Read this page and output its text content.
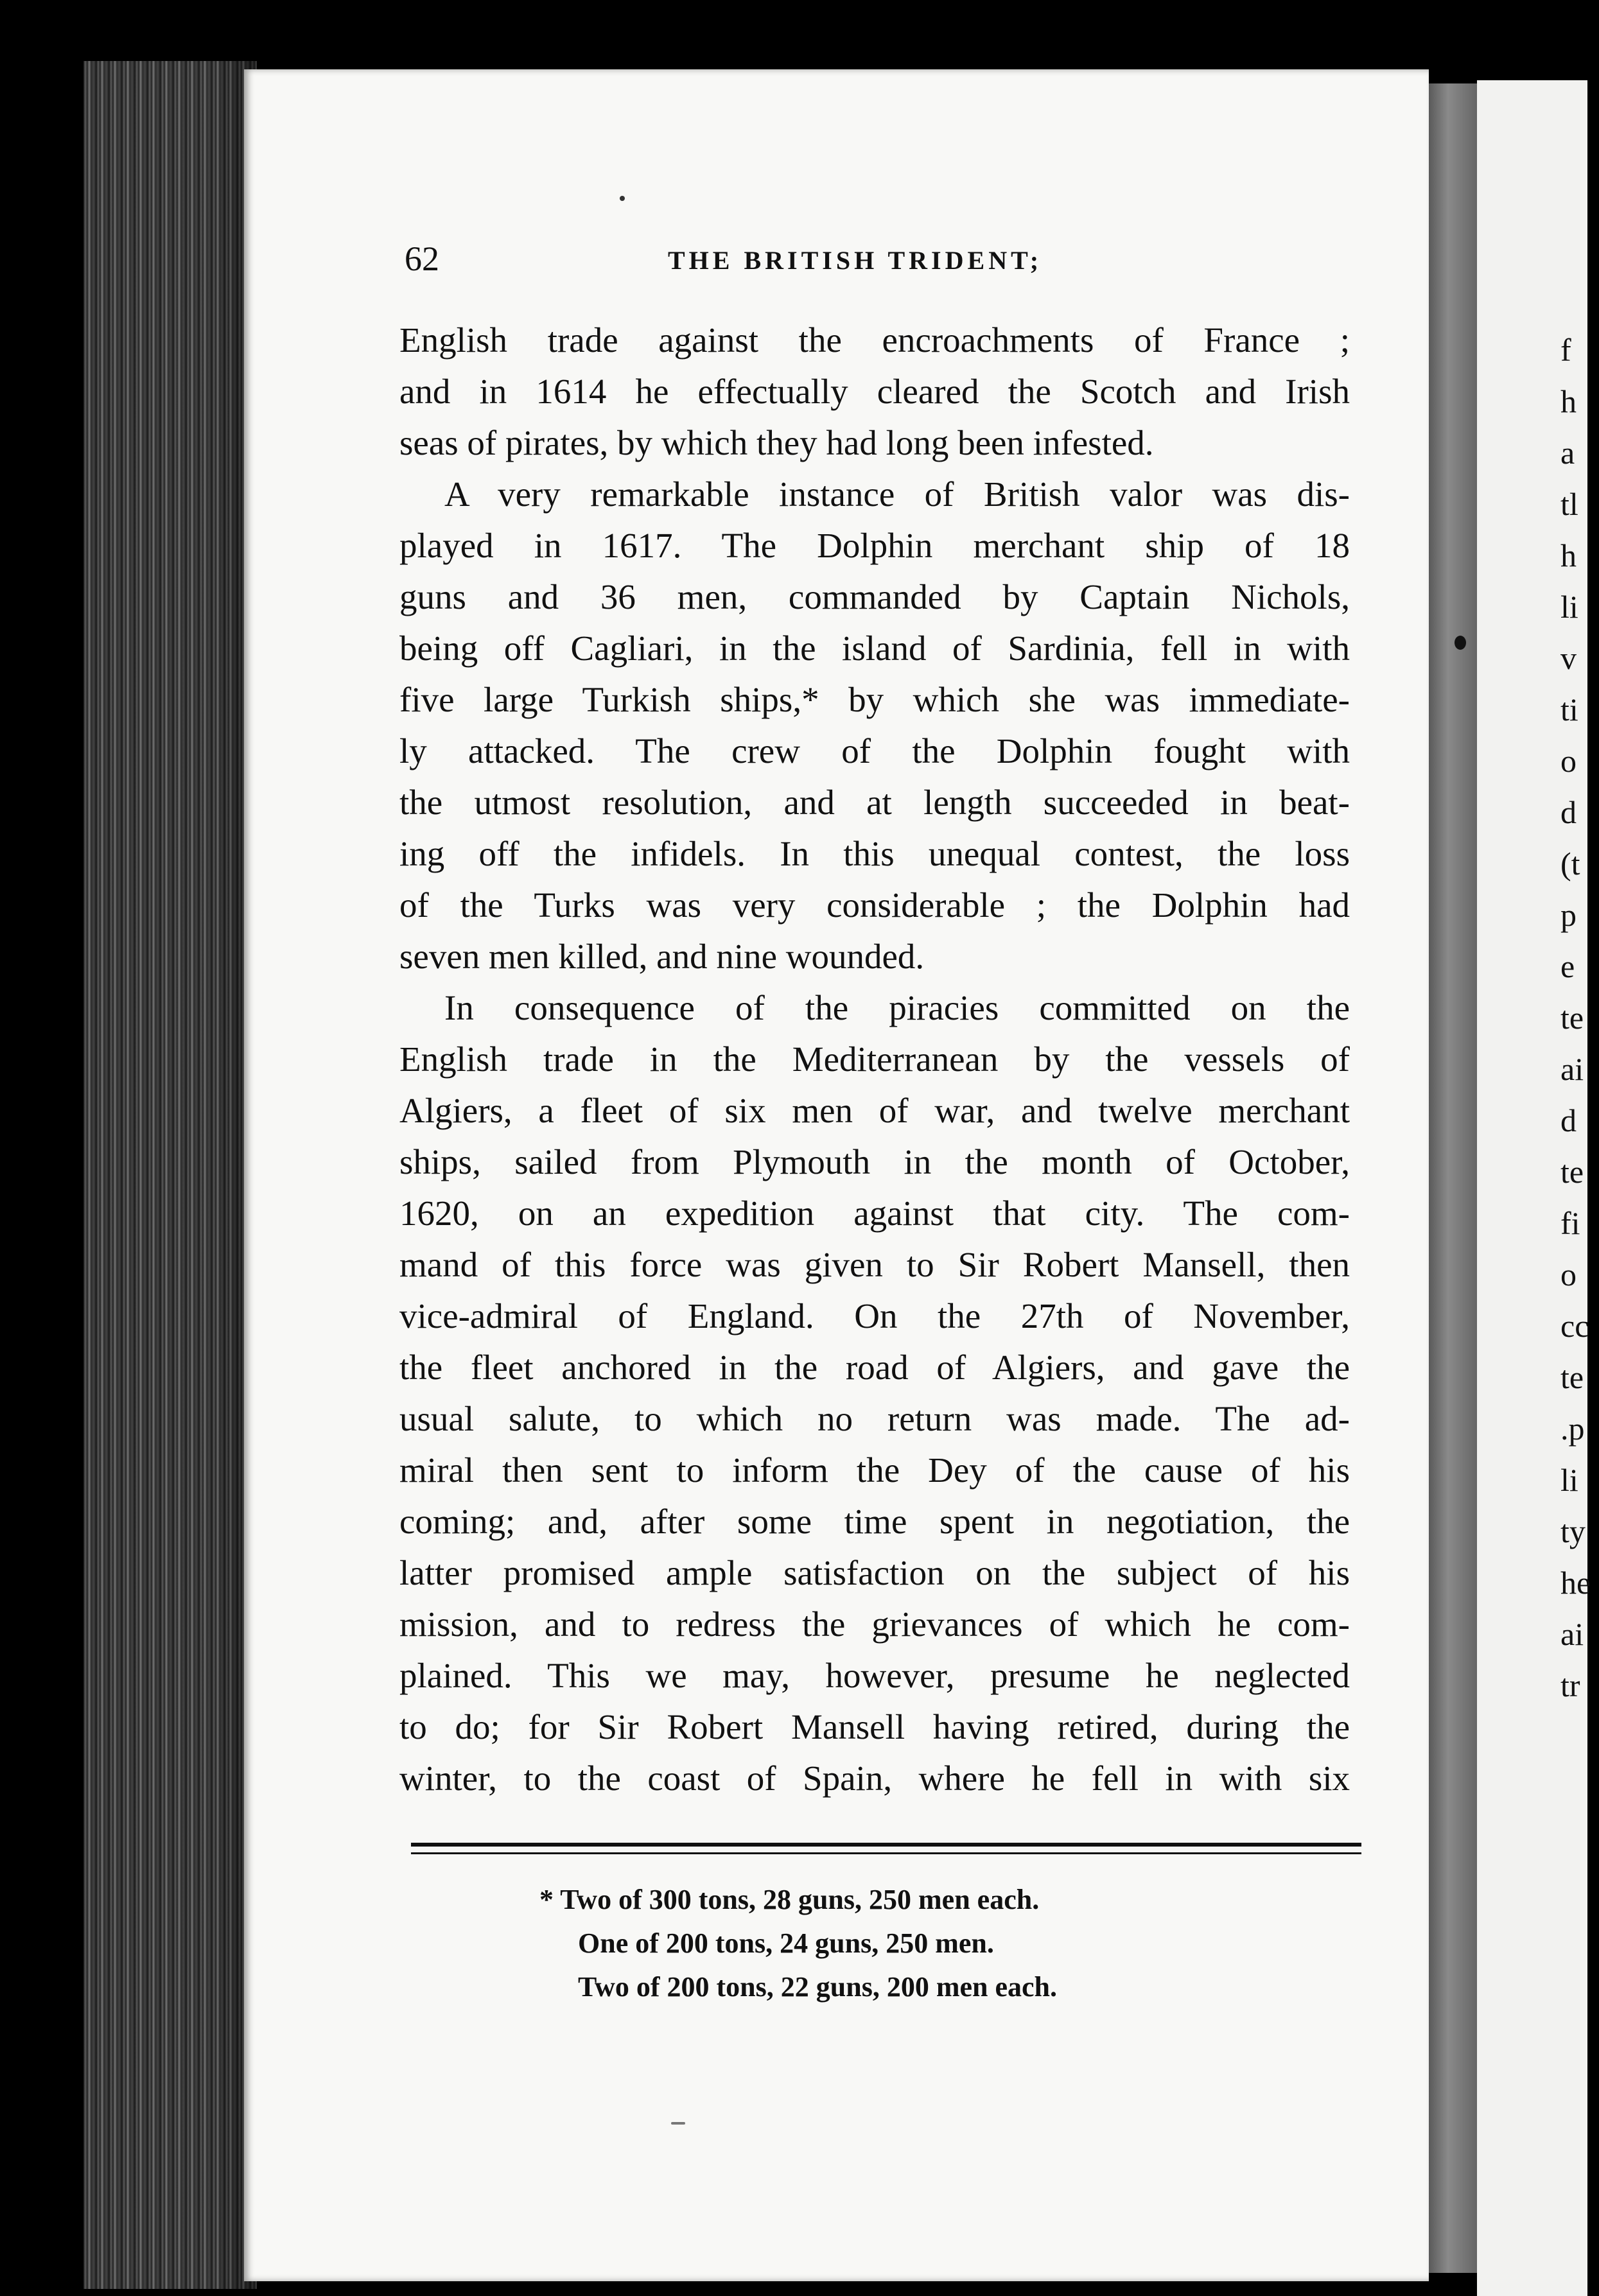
f
h
a
tl
h
li
v
ti
o
d
(t
p
e
te
ai
d
te
fi
o
cc
te
.p
li
ty
he
ai
tr

62	THE BRITISH TRIDENT;
English trade against the encroachments of France ;
and in 1614 he effectually cleared the Scotch and Irish
seas of pirates, by which they had long been infested.
A very remarkable instance of British valor was dis-
played in 1617. The Dolphin merchant ship of 18
guns and 36 men, commanded by Captain Nichols,
being off Cagliari, in the island of Sardinia, fell in with
five large Turkish ships,* by which she was immediate-
ly attacked. The crew of the Dolphin fought with
the utmost resolution, and at length succeeded in beat-
ing off the infidels. In this unequal contest, the loss
of the Turks was very considerable ; the Dolphin had
seven men killed, and nine wounded.
In consequence of the piracies committed on the
English trade in the Mediterranean by the vessels of
Algiers, a fleet of six men of war, and twelve merchant
ships, sailed from Plymouth in the month of October,
1620, on an expedition against that city. The com-
mand of this force was given to Sir Robert Mansell, then
vice-admiral of England. On the 27th of November,
the fleet anchored in the road of Algiers, and gave the
usual salute, to which no return was made. The ad-
miral then sent to inform the Dey of the cause of his
coming; and, after some time spent in negotiation, the
latter promised ample satisfaction on the subject of his
mission, and to redress the grievances of which he com-
plained. This we may, however, presume he neglected
to do; for Sir Robert Mansell having retired, during the
winter, to the coast of Spain, where he fell in with six
* Two of 300 tons, 28 guns, 250 men each.
One of 200 tons, 24 guns, 250 men.
Two of 200 tons, 22 guns, 200 men each.
